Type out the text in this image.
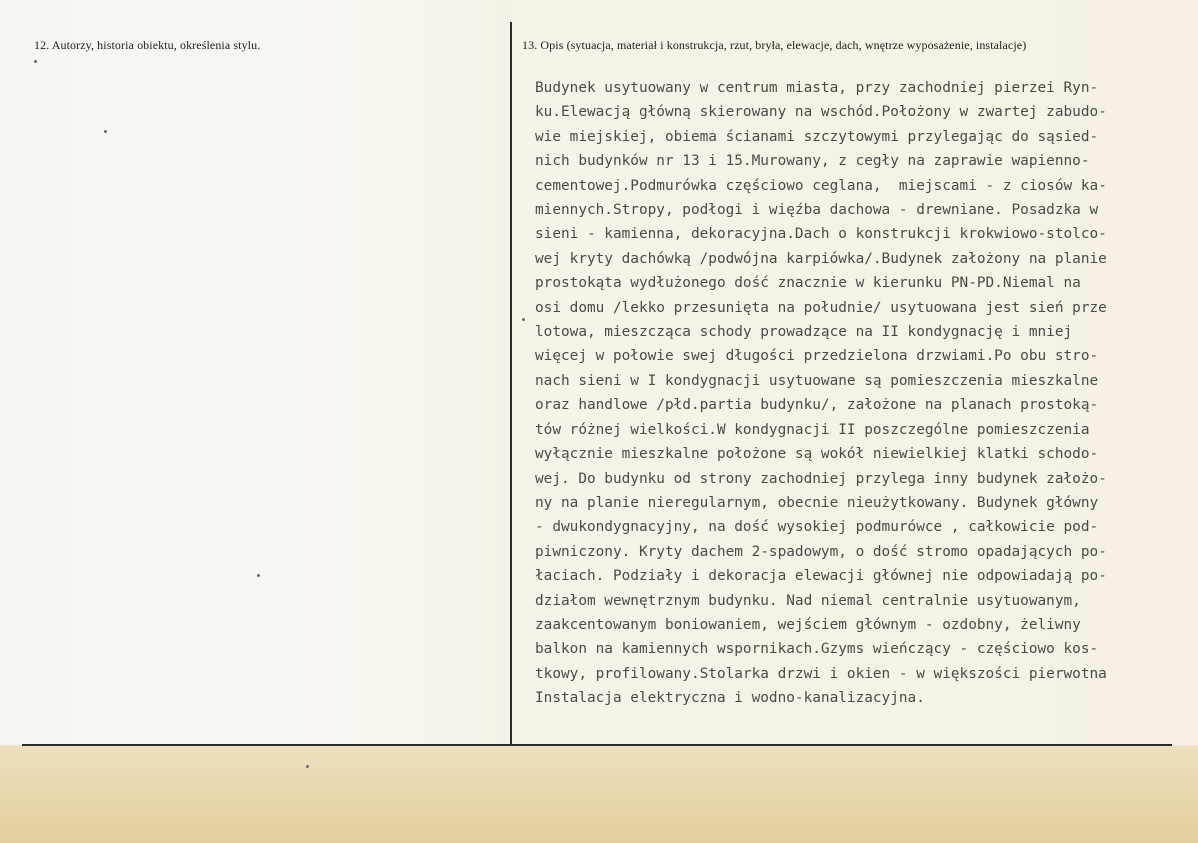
12. Autorzy, historia obiektu, określenia stylu.	13. Opis (sytuacja, materiał i konstrukcja, rzut, bryła, elewacje, dach, wnętrze wyposażenie, instalacje)
Budynek usytuowany w centrum miasta, przy zachodniej pierzei Ryn-
ku.Elewacją główną skierowany na wschód.Położony w zwartej zabudo-
wie miejskiej, obiema ścianami szczytowymi przylegając do sąsied-
nich budynków nr 13 i 15.Murowany, z cegły na zaprawie wapienno-
cementowej.Podmurówka częściowo ceglana,  miejscami - z ciosów ka-
miennych.Stropy, podłogi i więźba dachowa - drewniane. Posadzka w
sieni - kamienna, dekoracyjna.Dach o konstrukcji krokwiowo-stolco-
wej kryty dachówką /podwójna karpiówka/.Budynek założony na planie
prostokąta wydłużonego dość znacznie w kierunku PN-PD.Niemal na
osi domu /lekko przesunięta na południe/ usytuowana jest sień prze
lotowa, mieszcząca schody prowadzące na II kondygnację i mniej
więcej w połowie swej długości przedzielona drzwiami.Po obu stro-
nach sieni w I kondygnacji usytuowane są pomieszczenia mieszkalne
oraz handlowe /płd.partia budynku/, założone na planach prostoką-
tów różnej wielkości.W kondygnacji II poszczególne pomieszczenia
wyłącznie mieszkalne położone są wokół niewielkiej klatki schodo-
wej. Do budynku od strony zachodniej przylega inny budynek założo-
ny na planie nieregularnym, obecnie nieużytkowany. Budynek główny
- dwukondygnacyjny, na dość wysokiej podmurówce , całkowicie pod-
piwniczony. Kryty dachem 2-spadowym, o dość stromo opadających po-
łaciach. Podziały i dekoracja elewacji głównej nie odpowiadają po-
działom wewnętrznym budynku. Nad niemal centralnie usytuowanym,
zaakcentowanym boniowaniem, wejściem głównym - ozdobny, żeliwny
balkon na kamiennych wspornikach.Gzyms wieńczący - częściowo kos-
tkowy, profilowany.Stolarka drzwi i okien - w większości pierwotna
Instalacja elektryczna i wodno-kanalizacyjna.
